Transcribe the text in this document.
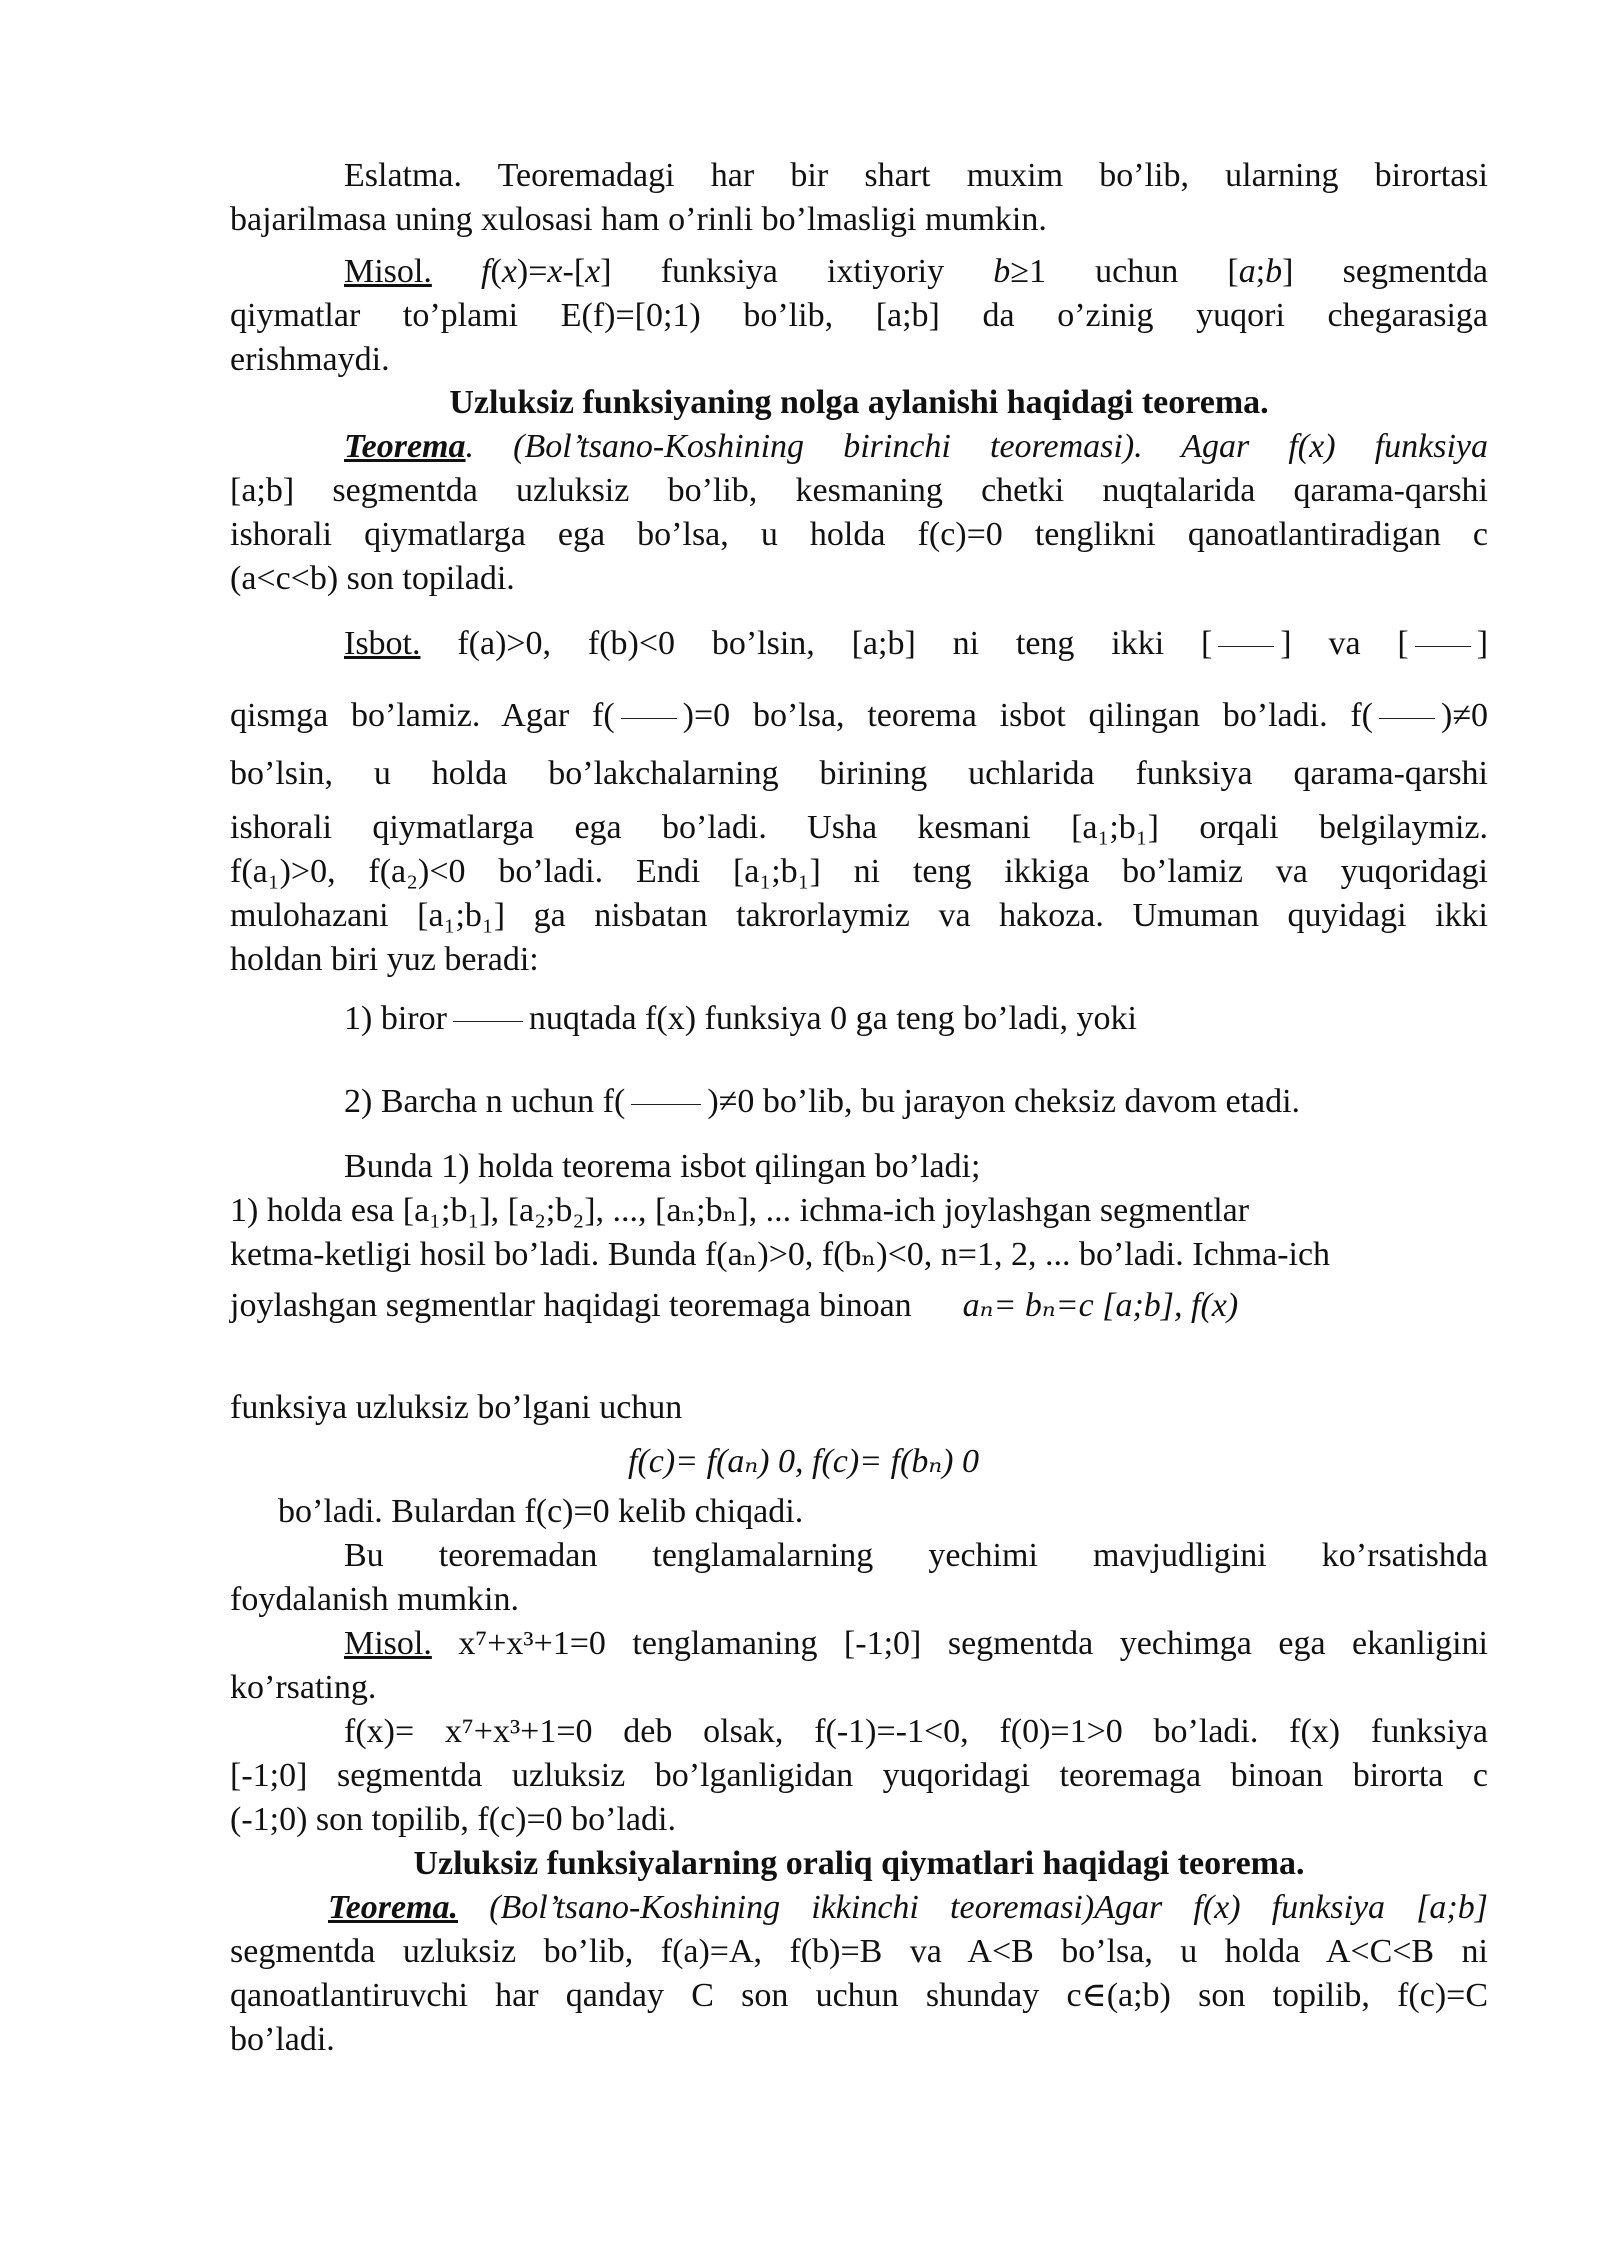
Eslatma. Teoremadagi har bir shart muxim bo’lib, ularning birortasi
bajarilmasa uning xulosasi ham o’rinli bo’lmasligi mumkin.
Misol. f(x)=x-[x] funksiya ixtiyoriy b≥1 uchun [a;b] segmentda
qiymatlar to’plami E(f)=[0;1) bo’lib, [a;b] da o’zinig yuqori chegarasiga
erishmaydi.
Uzluksiz funksiyaning nolga aylanishi haqidagi teorema.
Teorema. (Bol’tsano-Koshining birinchi teoremasi). Agar f(x) funksiya
[a;b] segmentda uzluksiz bo’lib, kesmaning chetki nuqtalarida qarama-qarshi
ishorali qiymatlarga ega bo’lsa, u holda f(c)=0 tenglikni qanoatlantiradigan c
(a<c<b) son topiladi.
Isbot. f(a)>0, f(b)<0 bo’lsin, [a;b] ni teng ikki [ ] va [ ]
qismga bo’lamiz. Agar f( )=0 bo’lsa, teorema isbot qilingan bo’ladi. f( )≠0
bo’lsin, u holda bo’lakchalarning birining uchlarida funksiya qarama-qarshi
ishorali qiymatlarga ega bo’ladi. Usha kesmani [a₁;b₁] orqali belgilaymiz.
f(a₁)>0, f(a₂)<0 bo’ladi. Endi [a₁;b₁] ni teng ikkiga bo’lamiz va yuqoridagi
mulohazani [a₁;b₁] ga nisbatan takrorlaymiz va hakoza. Umuman quyidagi ikki
holdan biri yuz beradi:
1) biror nuqtada f(x) funksiya 0 ga teng bo’ladi, yoki
2) Barcha n uchun f( )≠0 bo’lib, bu jarayon cheksiz davom etadi.
Bunda 1) holda teorema isbot qilingan bo’ladi;
1) holda esa [a₁;b₁], [a₂;b₂], ..., [aₙ;bₙ], ... ichma-ich joylashgan segmentlar
ketma-ketligi hosil bo’ladi. Bunda f(aₙ)>0, f(bₙ)<0, n=1, 2, ... bo’ladi. Ichma-ich
joylashgan segmentlar haqidagi teoremaga binoan aₙ= bₙ=c [a;b], f(x)
funksiya uzluksiz bo’lgani uchun
f(c)= f(aₙ) 0, f(c)= f(bₙ) 0
bo’ladi. Bulardan f(c)=0 kelib chiqadi.
Bu teoremadan tenglamalarning yechimi mavjudligini ko’rsatishda
foydalanish mumkin.
Misol. x⁷+x³+1=0 tenglamaning [-1;0] segmentda yechimga ega ekanligini
ko’rsating.
f(x)= x⁷+x³+1=0 deb olsak, f(-1)=-1<0, f(0)=1>0 bo’ladi. f(x) funksiya
[-1;0] segmentda uzluksiz bo’lganligidan yuqoridagi teoremaga binoan birorta c
(-1;0) son topilib, f(c)=0 bo’ladi.
Uzluksiz funksiyalarning oraliq qiymatlari haqidagi teorema.
Teorema. (Bol’tsano-Koshining ikkinchi teoremasi)Agar f(x) funksiya [a;b]
segmentda uzluksiz bo’lib, f(a)=A, f(b)=B va A<B bo’lsa, u holda A<C<B ni
qanoatlantiruvchi har qanday C son uchun shunday c∈(a;b) son topilib, f(c)=C
bo’ladi.
